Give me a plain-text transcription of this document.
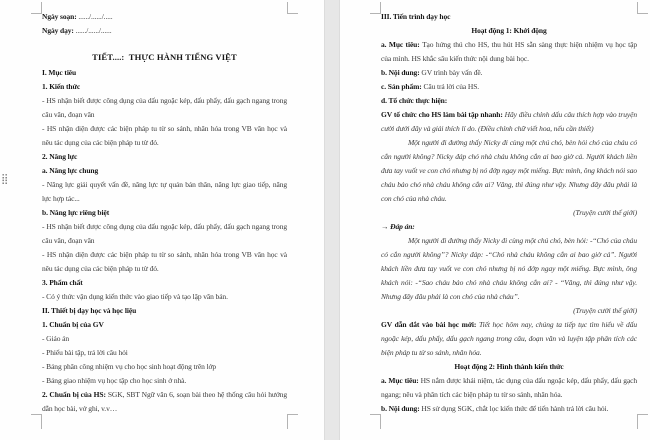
Ngày soạn: ....../....../.....
Ngày dạy: ....../....../......
TIẾT....:  THỰC HÀNH TIẾNG VIỆT
I. Mục tiêu
1. Kiến thức
- HS nhận biết được công dụng của dấu ngoặc kép, dấu phẩy, dấu gạch ngang trong câu văn, đoạn văn
- HS nhận diện được các biện pháp tu từ so sánh, nhân hóa trong VB văn học và nêu tác dụng của các biện pháp tu từ đó.
2. Năng lực
a. Năng lực chung
- Năng lực giải quyết vấn đề, năng lực tự quản bản thân, năng lực giao tiếp, năng lực hợp tác...
b. Năng lực riêng biệt
- HS nhận biết được công dụng của dấu ngoặc kép, dấu phẩy, dấu gạch ngang trong câu văn, đoạn văn
- HS nhận diện được các biện pháp tu từ so sánh, nhân hóa trong VB văn học và nêu tác dụng của các biện pháp tu từ đó.
3. Phẩm chất
- Có ý thức vận dụng kiến thức vào giao tiếp và tạo lập văn bản.
II. Thiết bị dạy học và học liệu
1. Chuẩn bị của GV
- Giáo án
- Phiếu bài tập, trả lời câu hỏi
- Bảng phân công nhiệm vụ cho học sinh hoạt động trên lớp
- Bảng giao nhiệm vụ học tập cho học sinh ở nhà.
2. Chuẩn bị của HS: SGK, SBT Ngữ văn 6, soạn bài theo hệ thống câu hỏi hướng dẫn học bài, vở ghi, v.v…
III. Tiến trình dạy học
Hoạt động 1: Khởi động
a. Mục tiêu: Tạo hứng thú cho HS, thu hút HS sẵn sàng thực hiện nhiệm vụ học tập của mình. HS khắc sâu kiến thức nội dung bài học.
b. Nội dung: GV trình bày vấn đề.
c. Sản phẩm: Câu trả lời của HS.
d. Tổ chức thực hiện:
GV tổ chức cho HS làm bài tập nhanh: Hãy điều chỉnh dấu câu thích hợp vào truyện cười dưới đây và giải thích lí do. (Điều chỉnh chữ viết hoa, nếu cần thiết)
Một người đi đường thấy Nicky đi cùng một chú chó, bèn hỏi chó của cháu có cắn người không? Nicky đáp chó nhà cháu không cắn ai bao giờ cả. Người khách liền đưa tay vuốt ve con chó nhưng bị nó đớp ngay một miếng. Bực mình, ông khách nói sao cháu bảo chó nhà cháu không cắn ai? Vâng, thì đúng như vậy. Nhưng đây đâu phải là con chó của nhà cháu.
(Truyện cười thế giới)
→ Đáp án:
Một người đi đường thấy Nicky đi cùng một chú chó, bèn hỏi: -“Chó của cháu có cắn người không”? Nicky đáp: -“Chó nhà cháu không cắn ai bao giờ cả”. Người khách liền đưa tay vuốt ve con chó nhưng bị nó đớp ngay một miếng. Bực mình, ông khách nói: -“Sao cháu bảo chó nhà cháu không cắn ai? - “Vâng, thì đúng như vậy. Nhưng đây đâu phải là con chó của nhà cháu”.
(Truyện cười thế giới)
GV dẫn dắt vào bài học mới: Tiết học hôm nay, chúng ta tiếp tục tìm hiểu về dấu ngoặc kép, dấu phẩy, dấu gạch ngang trong câu, đoạn văn và luyện tập phân tích các biện pháp tu từ so sánh, nhân hóa.
Hoạt động 2: Hình thành kiến thức
a. Mục tiêu: HS nắm được khái niệm, tác dụng của dấu ngoặc kép, dấu phẩy, dấu gạch ngang; nêu và phân tích các biện pháp tu từ so sánh, nhân hóa.
b. Nội dung: HS sử dụng SGK, chắt lọc kiến thức để tiến hành trả lời câu hỏi.
⣿
